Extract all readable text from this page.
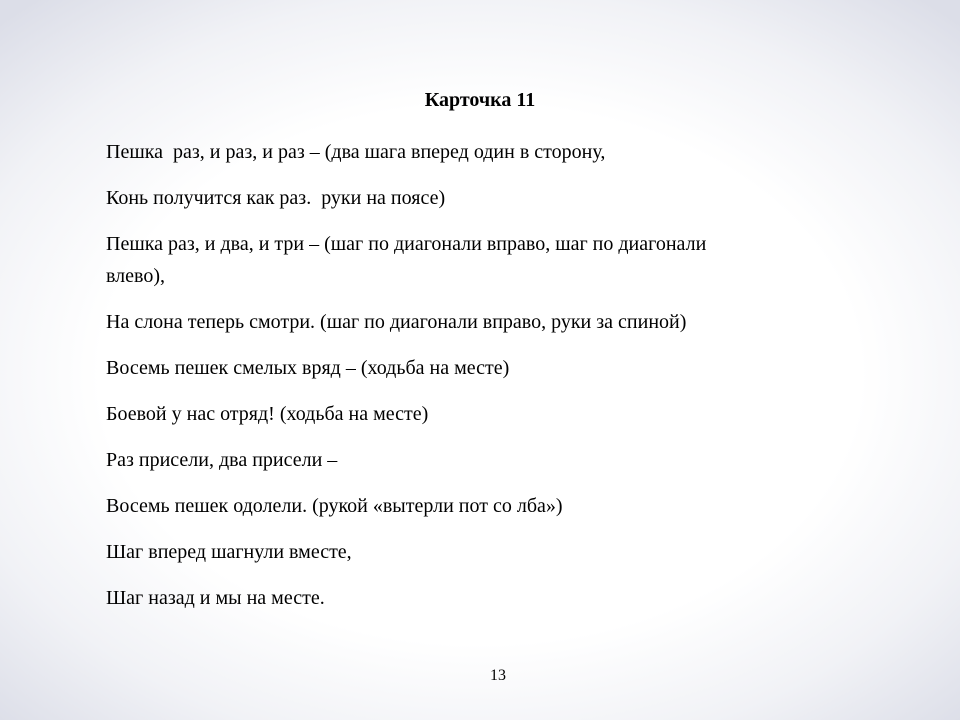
Карточка 11
Пешка  раз, и раз, и раз – (два шага вперед один в сторону,
Конь получится как раз.  руки на поясе)
Пешка раз, и два, и три – (шаг по диагонали вправо, шаг по диагонали влево),
На слона теперь смотри. (шаг по диагонали вправо, руки за спиной)
Восемь пешек смелых вряд – (ходьба на месте)
Боевой у нас отряд! (ходьба на месте)
Раз присели, два присели –
Восемь пешек одолели. (рукой «вытерли пот со лба»)
Шаг вперед шагнули вместе,
Шаг назад и мы на месте.
13
